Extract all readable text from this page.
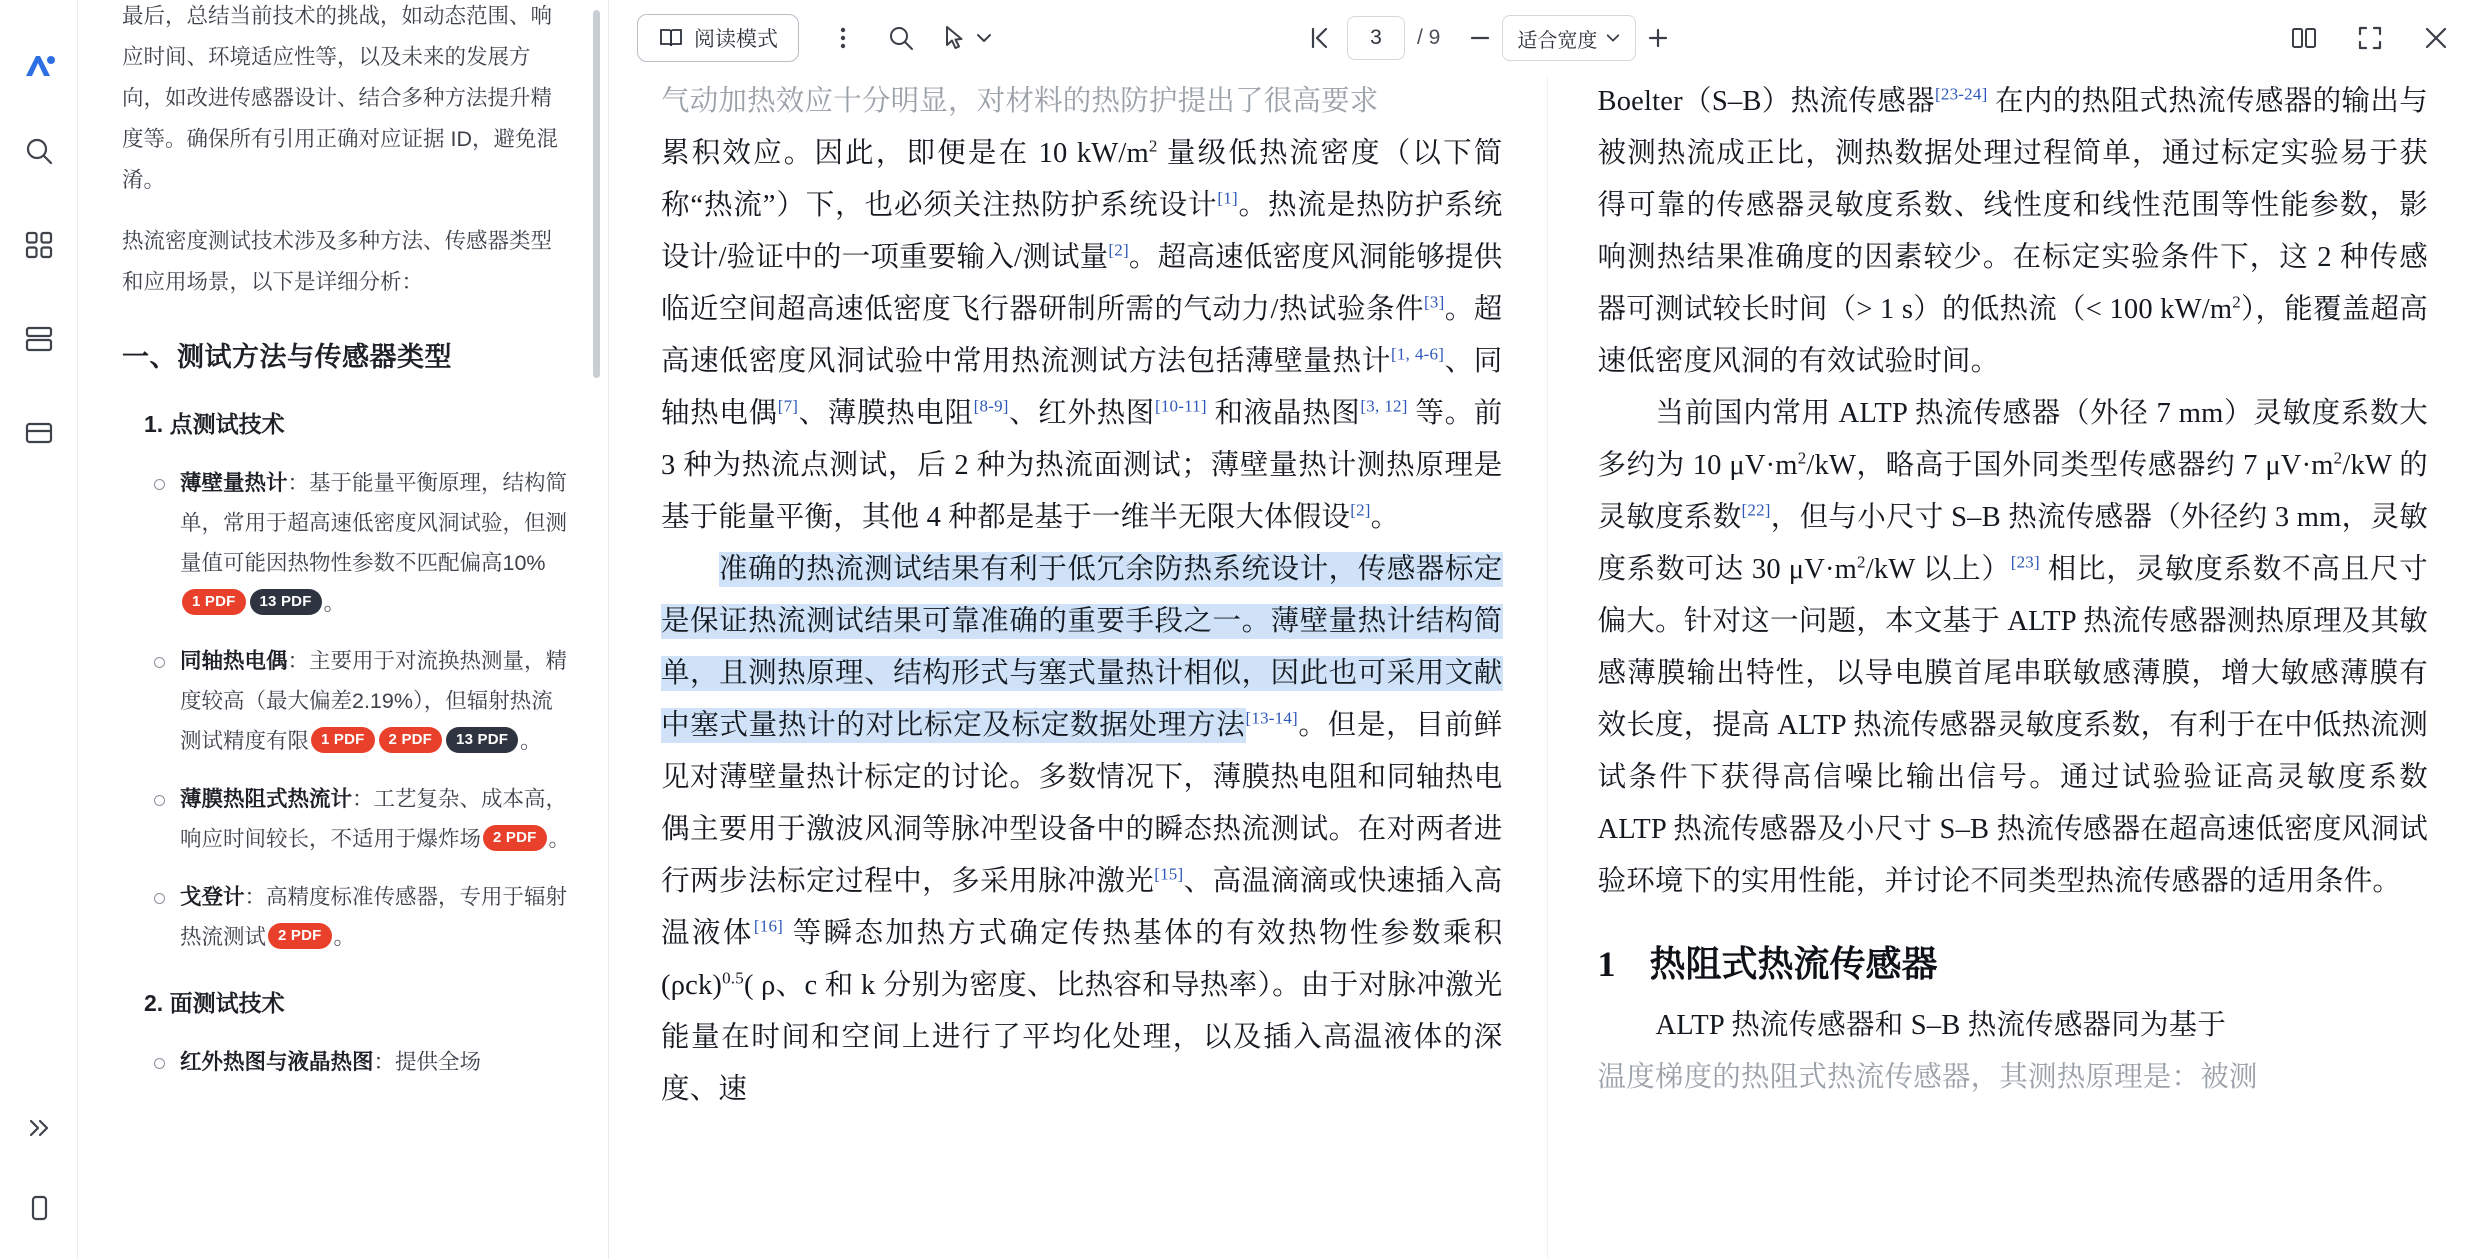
最后，总结当前技术的挑战，如动态范围、响应时间、环境适应性等，以及未来的发展方向，如改进传感器设计、结合多种方法提升精度等。确保所有引用正确对应证据 ID，避免混淆。

热流密度测试技术涉及多种方法、传感器类型和应用场景，以下是详细分析：

一、测试方法与传感器类型
1. 点测试技术
薄壁量热计：基于能量平衡原理，结构简单，常用于超高速低密度风洞试验，但测量值可能因热物性参数不匹配偏高10%1 PDF 13 PDF 。
同轴热电偶：主要用于对流换热测量，精度较高（最大偏差2.19%），但辐射热流测试精度有限 1 PDF 2 PDF 13 PDF 。
薄膜热阻式热流计：工艺复杂、成本高，响应时间较长，不适用于爆炸场 2 PDF 。
戈登计：高精度标准传感器，专用于辐射热流测试 2 PDF 。
2. 面测试技术
红外热图与液晶热图：提供全场
阅读模式
3	/ 9	适合宽度

气动加热效应十分明显，对材料的热防护提出了很高要求

累积效应。因此，即便是在 10 $kW/m^2$ 量级低热流密度（以下简称“热流”）下，也必须关注热防护系统设计[1]。热流是热防护系统设计/验证中的一项重要输入/测试量[2]。超高速低密度风洞能够提供临近空间超高速低密度飞行器研制所需的气动力/热试验条件[3]。超高速低密度风洞试验中常用热流测试方法包括薄壁量热计[1, 4-6]、同轴热电偶[7]、薄膜热电阻[8-9]、红外热图[10-11] 和液晶热图[3, 12] 等。前 3 种为热流点测试，后 2 种为热流面测试；薄壁量热计测热原理是基于能量平衡，其他 4 种都是基于一维半无限大体假设[2]。

准确的热流测试结果有利于低冗余防热系统设计，传感器标定是保证热流测试结果可靠准确的重要手段之一。薄壁量热计结构简单，且测热原理、结构形式与塞式量热计相似，因此也可采用文献中塞式量热计的对比标定及标定数据处理方法[13-14]。但是，目前鲜见对薄壁量热计标定的讨论。多数情况下，薄膜热电阻和同轴热电偶主要用于激波风洞等脉冲型设备中的瞬态热流测试。在对两者进行两步法标定过程中，多采用脉冲激光[15]、高温滴滴或快速插入高温液体[16] 等瞬态加热方式确定传热基体的有效热物性参数乘积 $(\rho ck)^{0.5}$( ρ、c 和 k 分别为密度、比热容和导热率）。由于对脉冲激光能量在时间和空间上进行了平均化处理，以及插入高温液体的深度、速

Boelter（S–B）热流传感器[23-24] 在内的热阻式热流传感器的输出与被测热流成正比，测热数据处理过程简单，通过标定实验易于获得可靠的传感器灵敏度系数、线性度和线性范围等性能参数，影响测热结果准确度的因素较少。在标定实验条件下，这 2 种传感器可测试较长时间（> 1 s）的低热流（< 100 $kW/m^2$），能覆盖超高速低密度风洞的有效试验时间。

当前国内常用 ALTP 热流传感器（外径 7 mm）灵敏度系数大多约为 10 $\mu V\cdot m^2/kW$，略高于国外同类型传感器约 7 $\mu V\cdot m^2/kW$ 的灵敏度系数[22]，但与小尺寸 S–B 热流传感器（外径约 3 mm，灵敏度系数可达 30 $\mu V\cdot m^2/kW$ 以上）[23] 相比，灵敏度系数不高且尺寸偏大。针对这一问题，本文基于 ALTP 热流传感器测热原理及其敏感薄膜输出特性，以导电膜首尾串联敏感薄膜，增大敏感薄膜有效长度，提高 ALTP 热流传感器灵敏度系数，有利于在中低热流测试条件下获得高信噪比输出信号。通过试验验证高灵敏度系数 ALTP 热流传感器及小尺寸 S–B 热流传感器在超高速低密度风洞试验环境下的实用性能，并讨论不同类型热流传感器的适用条件。

1 热阻式热流传感器

ALTP 热流传感器和 S–B 热流传感器同为基于

温度梯度的热阻式热流传感器，其测热原理是：被测
